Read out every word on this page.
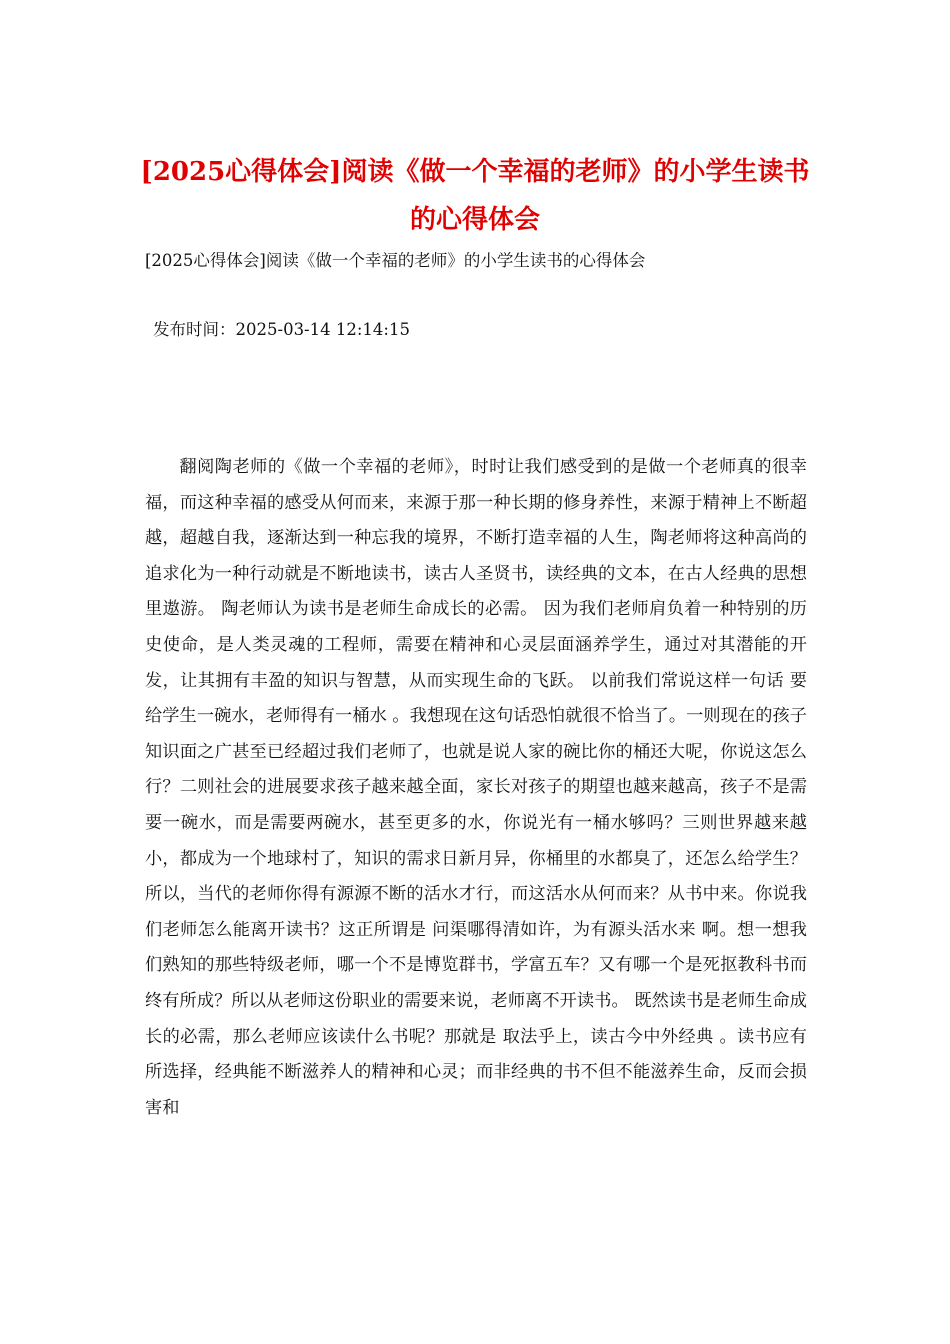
[2025心得体会]阅读《做一个幸福的老师》的小学生读书的心得体会

[2025心得体会]阅读《做一个幸福的老师》的小学生读书的心得体会

发布时间：2025-03-14 12:14:15

翻阅陶老师的《做一个幸福的老师》，时时让我们感受到的是做一个老师真的很幸福，而这种幸福的感受从何而来，来源于那一种长期的修身养性，来源于精神上不断超越，超越自我，逐渐达到一种忘我的境界，不断打造幸福的人生，陶老师将这种高尚的追求化为一种行动就是不断地读书，读古人圣贤书，读经典的文本，在古人经典的思想里遨游。 陶老师认为读书是老师生命成长的必需。 因为我们老师肩负着一种特别的历史使命，是人类灵魂的工程师，需要在精神和心灵层面涵养学生，通过对其潜能的开发，让其拥有丰盈的知识与智慧，从而实现生命的飞跃。 以前我们常说这样一句话 要给学生一碗水，老师得有一桶水 。我想现在这句话恐怕就很不恰当了。一则现在的孩子知识面之广甚至已经超过我们老师了，也就是说人家的碗比你的桶还大呢，你说这怎么行？二则社会的进展要求孩子越来越全面，家长对孩子的期望也越来越高，孩子不是需要一碗水，而是需要两碗水，甚至更多的水，你说光有一桶水够吗？三则世界越来越小，都成为一个地球村了，知识的需求日新月异，你桶里的水都臭了，还怎么给学生？所以，当代的老师你得有源源不断的活水才行，而这活水从何而来？从书中来。你说我们老师怎么能离开读书？这正所谓是 问渠哪得清如许，为有源头活水来 啊。想一想我们熟知的那些特级老师，哪一个不是博览群书，学富五车？又有哪一个是死抠教科书而终有所成？所以从老师这份职业的需要来说，老师离不开读书。 既然读书是老师生命成长的必需，那么老师应该读什么书呢？那就是 取法乎上，读古今中外经典 。读书应有所选择，经典能不断滋养人的精神和心灵；而非经典的书不但不能滋养生命，反而会损害和
